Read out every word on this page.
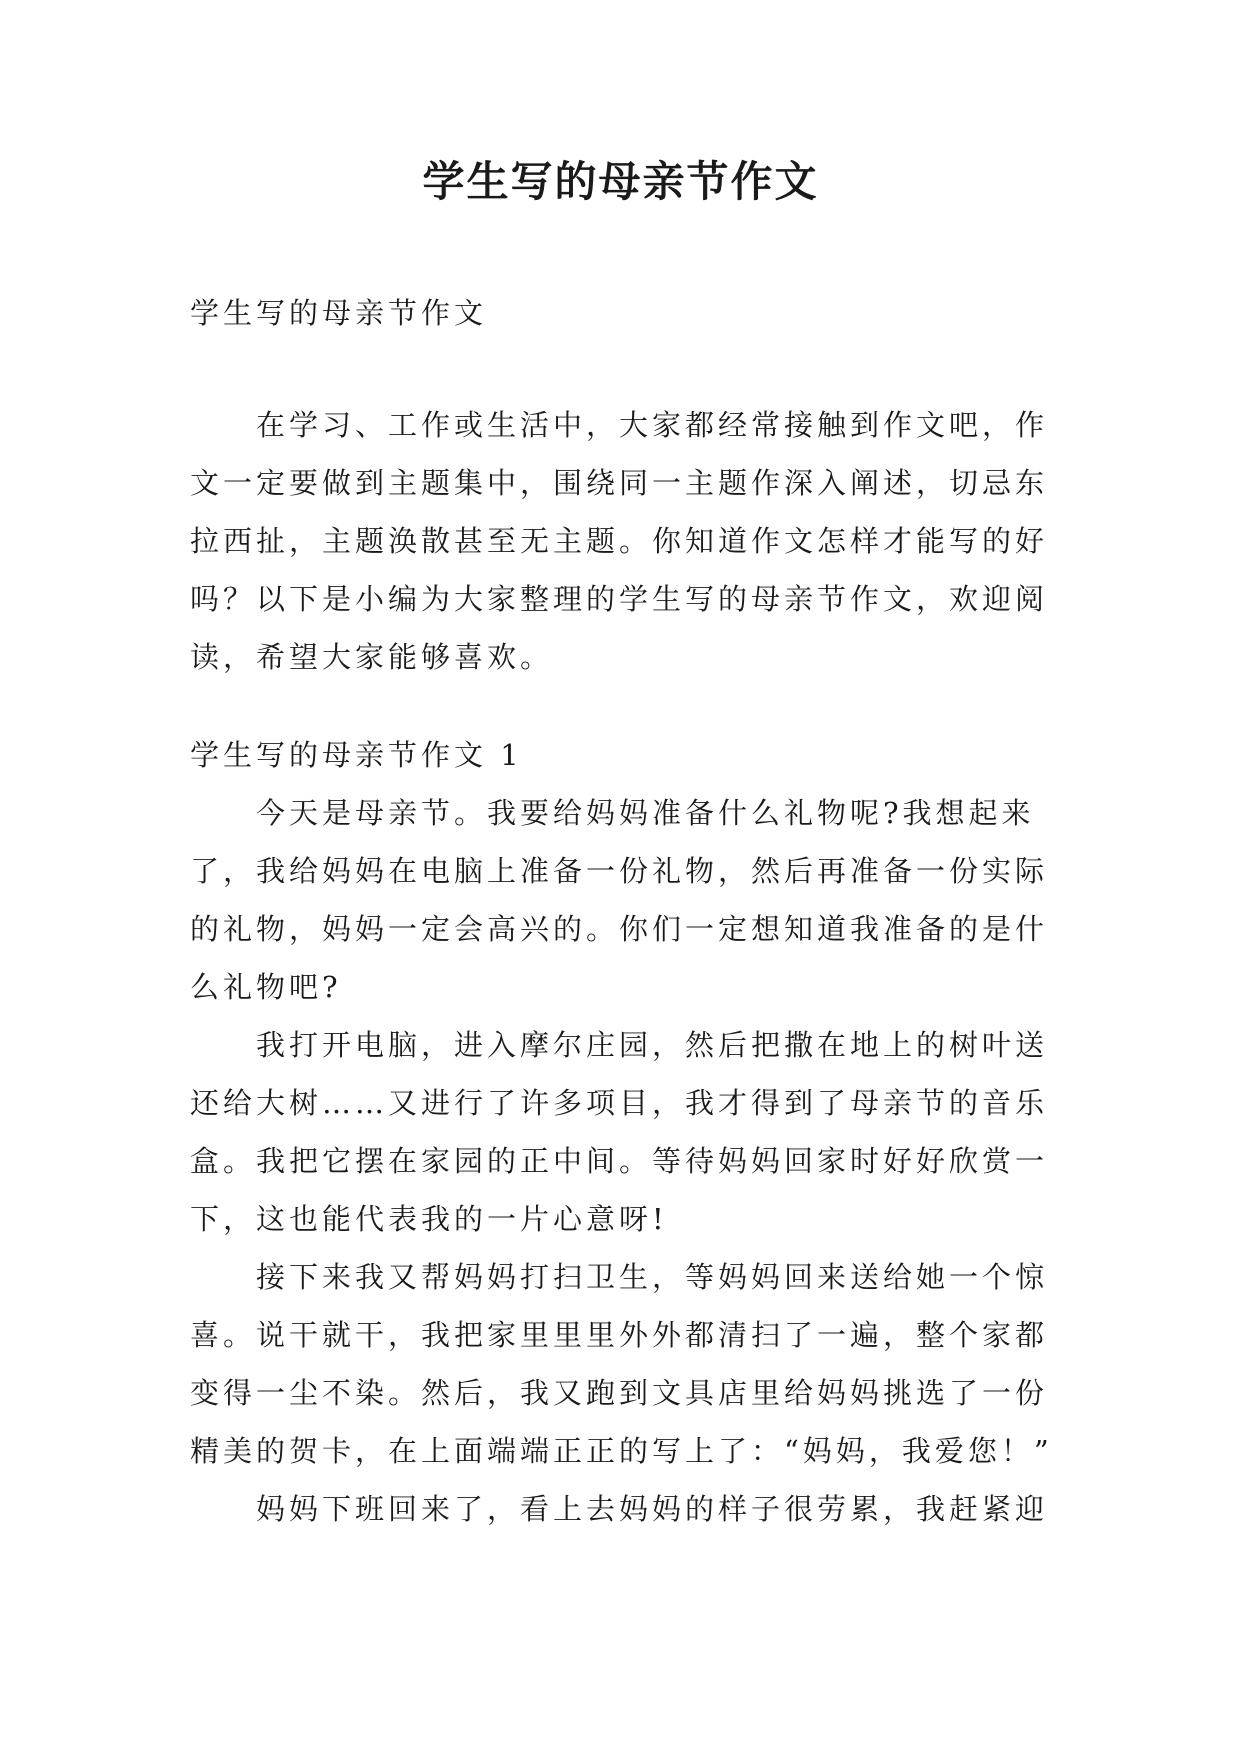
学生写的母亲节作文

学生写的母亲节作文

在学习、工作或生活中，大家都经常接触到作文吧，作
文一定要做到主题集中，围绕同一主题作深入阐述，切忌东
拉西扯，主题涣散甚至无主题。你知道作文怎样才能写的好
吗？以下是小编为大家整理的学生写的母亲节作文，欢迎阅
读，希望大家能够喜欢。

学生写的母亲节作文 1

今天是母亲节。我要给妈妈准备什么礼物呢?我想起来
了，我给妈妈在电脑上准备一份礼物，然后再准备一份实际
的礼物，妈妈一定会高兴的。你们一定想知道我准备的是什
么礼物吧?

我打开电脑，进入摩尔庄园，然后把撒在地上的树叶送
还给大树……又进行了许多项目，我才得到了母亲节的音乐
盒。我把它摆在家园的正中间。等待妈妈回家时好好欣赏一
下，这也能代表我的一片心意呀!

接下来我又帮妈妈打扫卫生，等妈妈回来送给她一个惊
喜。说干就干，我把家里里里外外都清扫了一遍，整个家都
变得一尘不染。然后，我又跑到文具店里给妈妈挑选了一份
精美的贺卡，在上面端端正正的写上了：“妈妈，我爱您！”

妈妈下班回来了，看上去妈妈的样子很劳累，我赶紧迎
